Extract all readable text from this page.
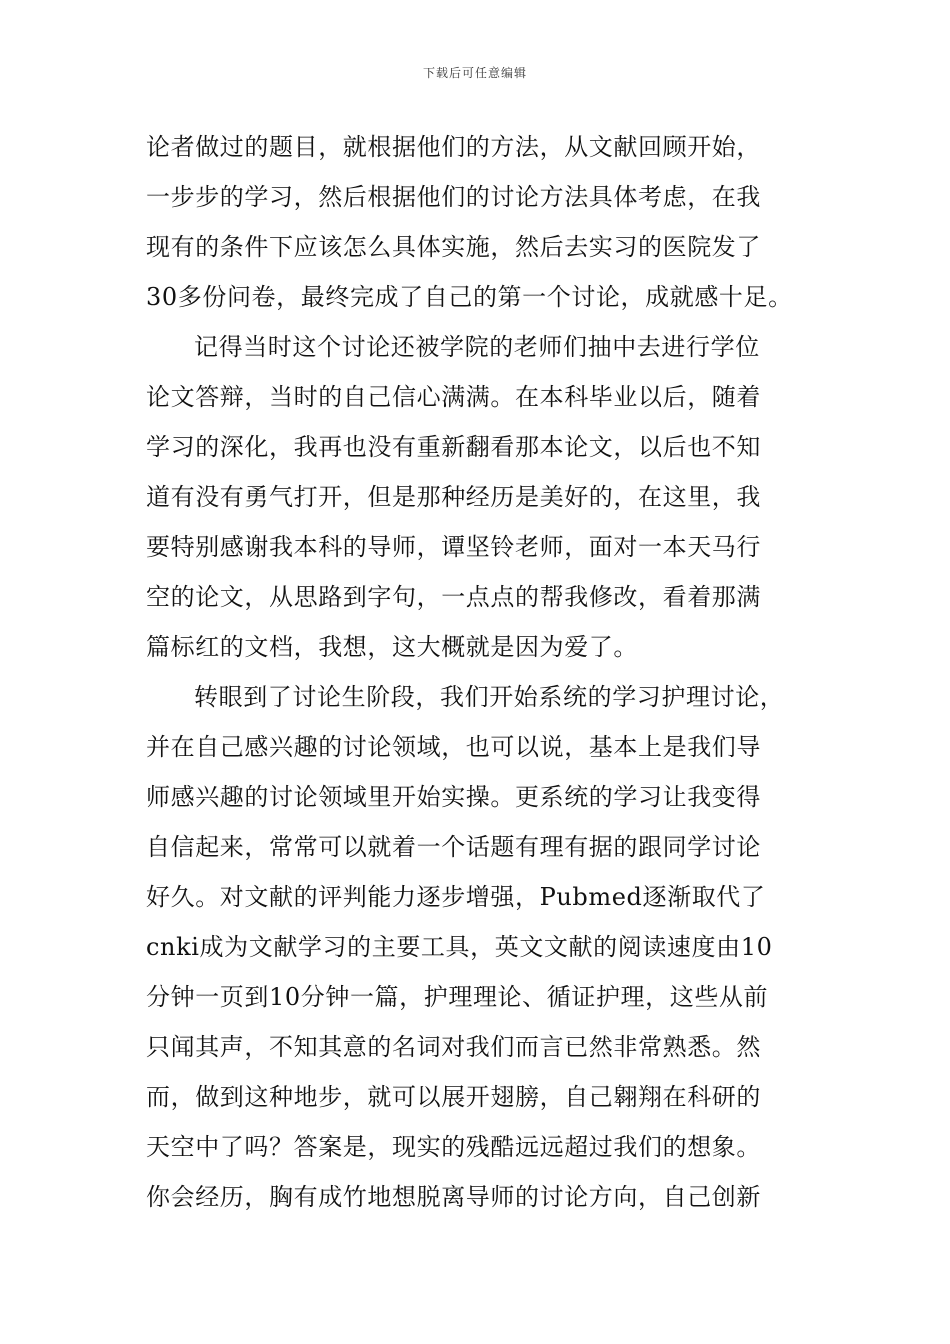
下载后可任意编辑
论者做过的题目，就根据他们的方法，从文献回顾开始，
一步步的学习，然后根据他们的讨论方法具体考虑，在我
现有的条件下应该怎么具体实施，然后去实习的医院发了
30多份问卷，最终完成了自己的第一个讨论，成就感十足。
记得当时这个讨论还被学院的老师们抽中去进行学位
论文答辩，当时的自己信心满满。在本科毕业以后，随着
学习的深化，我再也没有重新翻看那本论文，以后也不知
道有没有勇气打开，但是那种经历是美好的，在这里，我
要特别感谢我本科的导师，谭坚铃老师，面对一本天马行
空的论文，从思路到字句，一点点的帮我修改，看着那满
篇标红的文档，我想，这大概就是因为爱了。
转眼到了讨论生阶段，我们开始系统的学习护理讨论，
并在自己感兴趣的讨论领域，也可以说，基本上是我们导
师感兴趣的讨论领域里开始实操。更系统的学习让我变得
自信起来，常常可以就着一个话题有理有据的跟同学讨论
好久。对文献的评判能力逐步增强，Pubmed逐渐取代了
cnki成为文献学习的主要工具，英文文献的阅读速度由10
分钟一页到10分钟一篇，护理理论、循证护理，这些从前
只闻其声，不知其意的名词对我们而言已然非常熟悉。然
而，做到这种地步，就可以展开翅膀，自己翱翔在科研的
天空中了吗？答案是，现实的残酷远远超过我们的想象。
你会经历，胸有成竹地想脱离导师的讨论方向，自己创新
